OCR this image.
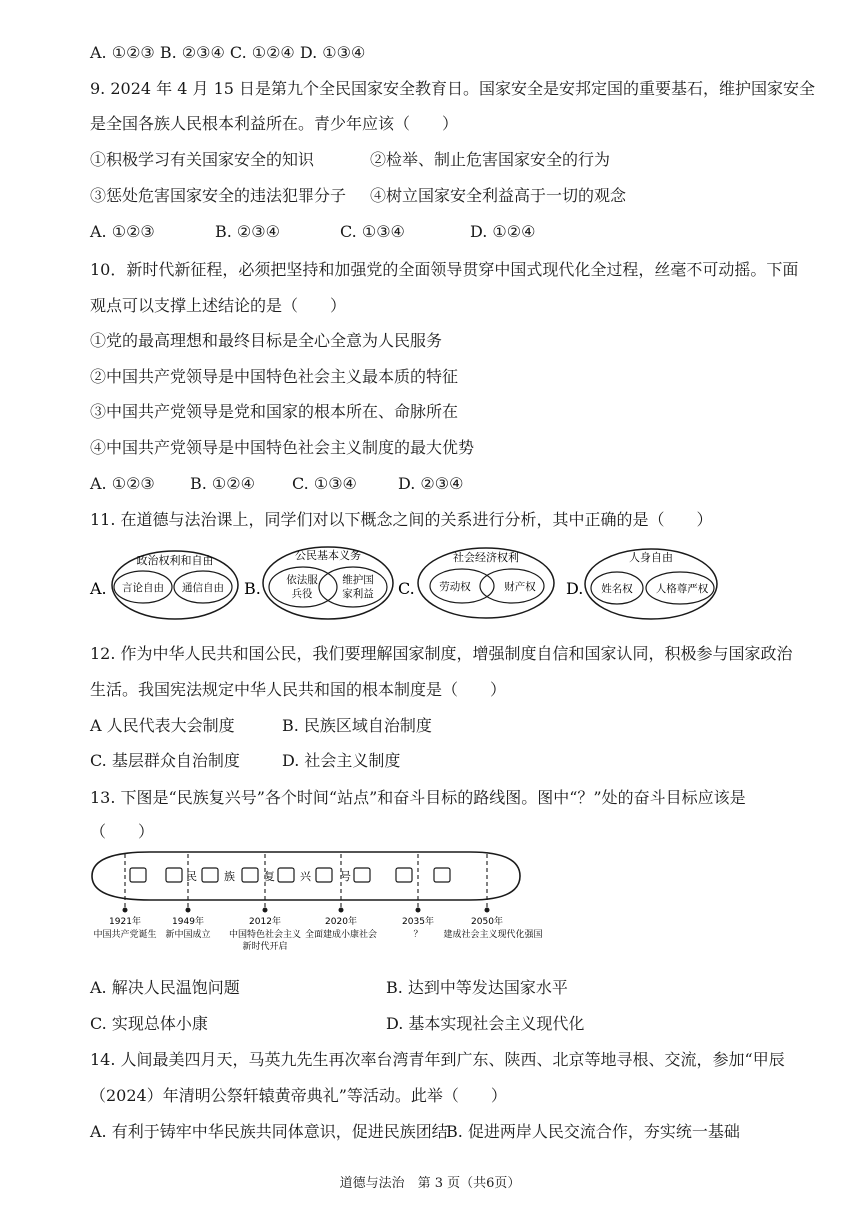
A. ①②③ B. ②③④ C. ①②④ D. ①③④
9. 2024 年 4 月 15 日是第九个全民国家安全教育日。国家安全是安邦定国的重要基石，维护国家安全
是全国各族人民根本利益所在。青少年应该（　　）
①积极学习有关国家安全的知识	②检举、制止危害国家安全的行为
③惩处危害国家安全的违法犯罪分子 ④树立国家安全利益高于一切的观念
A. ①②③	B. ②③④	C. ①③④	D. ①②④
10．新时代新征程，必须把坚持和加强党的全面领导贯穿中国式现代化全过程，丝毫不可动摇。下面
观点可以支撑上述结论的是（　　）
①党的最高理想和最终目标是全心全意为人民服务
②中国共产党领导是中国特色社会主义最本质的特征
③中国共产党领导是党和国家的根本所在、命脉所在
④中国共产党领导是中国特色社会主义制度的最大优势
A. ①②③ B. ①②④ C. ①③④	D. ②③④
11. 在道德与法治课上，同学们对以下概念之间的关系进行分析，其中正确的是（　　）
A.
政治权利和自由
言论自由 通信自由 B.
公民基本义务
依法服
兵役
维护国
家利益 C.
社会经济权利
劳动权	财产权 D.
人身自由
姓名权 人格尊严权
12. 作为中华人民共和国公民，我们要理解国家制度，增强制度自信和国家认同，积极参与国家政治
生活。我国宪法规定中华人民共和国的根本制度是（　　）
A 人民代表大会制度	B. 民族区域自治制度
C. 基层群众自治制度	D. 社会主义制度
13. 下图是“民族复兴号”各个时间“站点”和奋斗目标的路线图。图中“？”处的奋斗目标应该是
（　　）
民 族	复 兴	号
1921年	1949年	2012年	2020年	2035年	2050年
中国共产党诞生 新中国成立 中国特色社会主义
新时代开启
全面建成小康社会	？ 建成社会主义现代化强国
A. 解决人民温饱问题	B. 达到中等发达国家水平
C. 实现总体小康	D. 基本实现社会主义现代化
14. 人间最美四月天，马英九先生再次率台湾青年到广东、陕西、北京等地寻根、交流，参加“甲辰
（2024）年清明公祭轩辕黄帝典礼”等活动。此举（　　）
A. 有利于铸牢中华民族共同体意识，促进民族团结
B. 促进两岸人民交流合作，夯实统一基础
道德与法治　第 3 页（共6页）
